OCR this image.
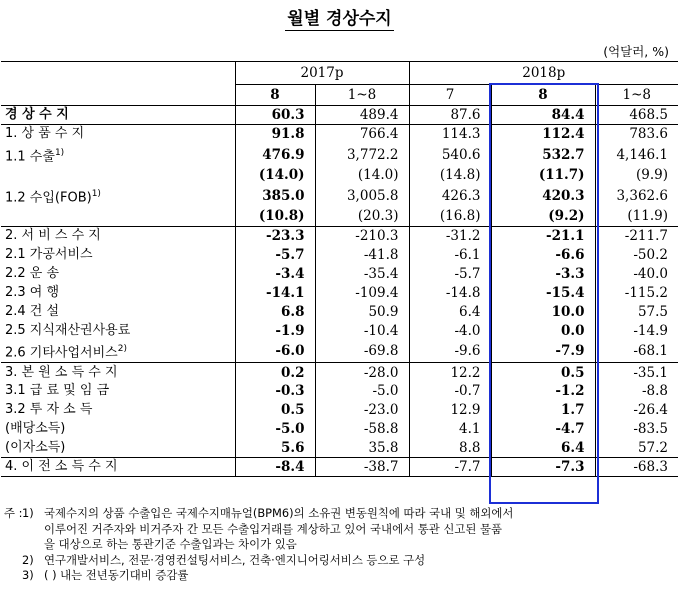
월별 경상수지
(억달러, %)
	2017p		2018p		
	8	1~8	7	8	1~8
경 상 수 지	60.3	489.4	87.6	84.4	468.5
1. 상 품 수 지	91.8	766.4	114.3	112.4	783.6
1.1 수출$^{1)}$	476.9	3,772.2	540.6	532.7	4,146.1
	(14.0)	(14.0)	(14.8)	(11.7)	(9.9)
1.2 수입(FOB)$^{1)}$	385.0	3,005.8	426.3	420.3	3,362.6
	(10.8)	(20.3)	(16.8)	(9.2)	(11.9)
2. 서 비 스 수 지	-23.3	-210.3	-31.2	-21.1	-211.7
2.1 가공서비스	-5.7	-41.8	-6.1	-6.6	-50.2
2.2 운 송	-3.4	-35.4	-5.7	-3.3	-40.0
2.3 여 행	-14.1	-109.4	-14.8	-15.4	-115.2
2.4 건 설	6.8	50.9	6.4	10.0	57.5
2.5 지식재산권사용료	-1.9	-10.4	-4.0	0.0	-14.9
2.6 기타사업서비스$^{2)}$	-6.0	-69.8	-9.6	-7.9	-68.1
3. 본 원 소 득 수 지	0.2	-28.0	12.2	0.5	-35.1
3.1 급 료 및 임 금	-0.3	-5.0	-0.7	-1.2	-8.8
3.2 투 자 소 득	0.5	-23.0	12.9	1.7	-26.4
(배당소득)	-5.0	-58.8	4.1	-4.7	-83.5
(이자소득)	5.6	35.8	8.8	6.4	57.2
4. 이 전 소 득 수 지	-8.4	-38.7	-7.7	-7.3	-68.3
주 : 1) 국제수지의 상품 수출입은 국제수지매뉴얼(BPM6)의 소유권 변동원칙에 따라 국내 및 해외에서
이루어진 거주자와 비거주자 간 모든 수출입거래를 계상하고 있어 국내에서 통관 신고된 물품
을 대상으로 하는 통관기준 수출입과는 차이가 있음
2) 연구개발서비스, 전문·경영컨설팅서비스, 건축·엔지니어링서비스 등으로 구성
3) ( ) 내는 전년동기대비 증감률
